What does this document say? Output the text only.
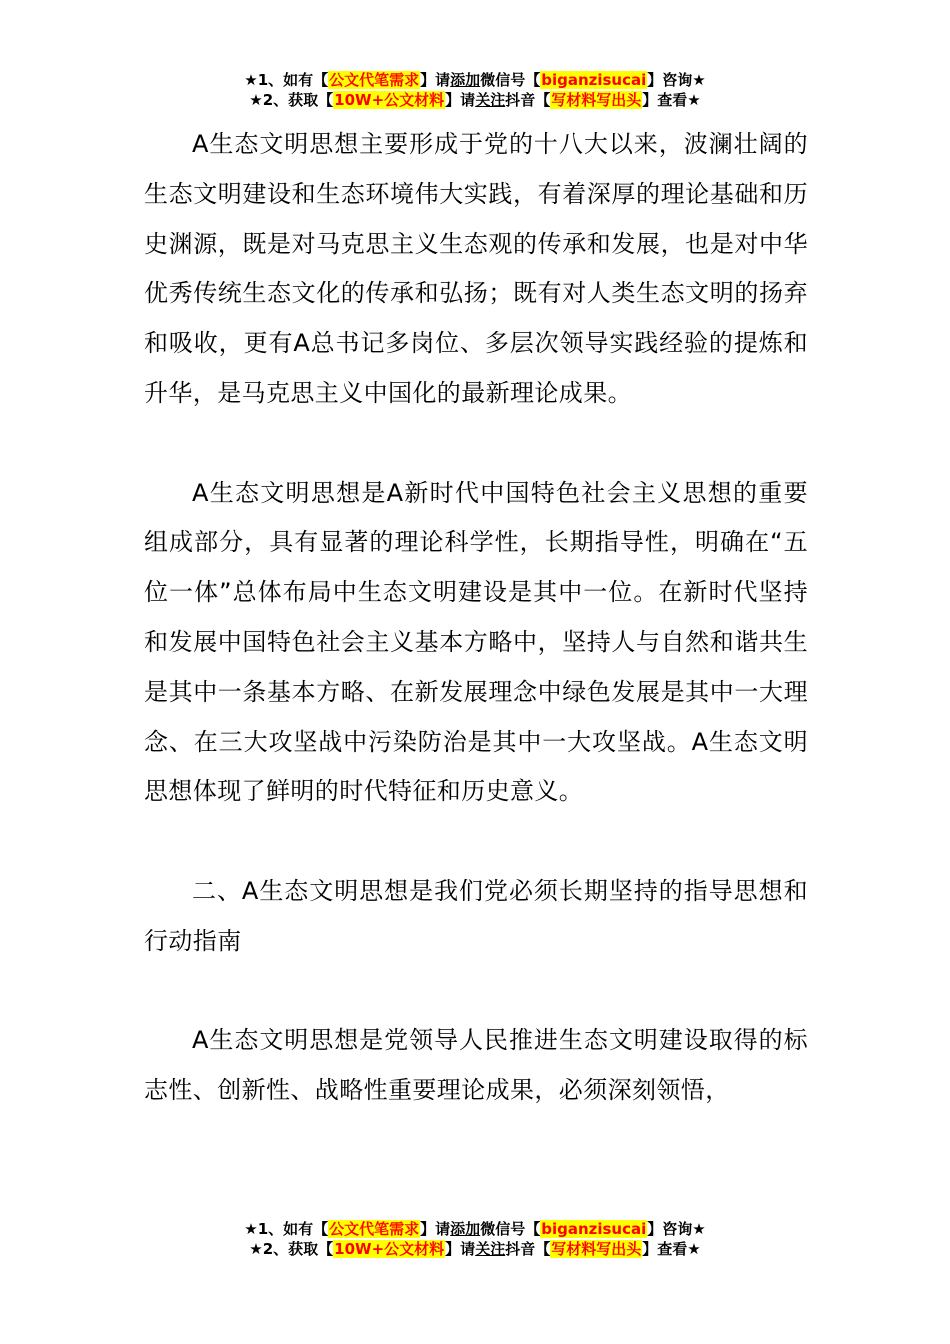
★1、如有【公文代笔需求】请添加微信号【biganzisucai】咨询★
★2、获取【10W+公文材料】请关注抖音【写材料写出头】查看★

A生态文明思想主要形成于党的十八大以来，波澜壮阔的生态文明建设和生态环境伟大实践，有着深厚的理论基础和历史渊源，既是对马克思主义生态观的传承和发展，也是对中华优秀传统生态文化的传承和弘扬；既有对人类生态文明的扬弃和吸收，更有A总书记多岗位、多层次领导实践经验的提炼和升华，是马克思主义中国化的最新理论成果。

A生态文明思想是A新时代中国特色社会主义思想的重要组成部分，具有显著的理论科学性，长期指导性，明确在“五位一体”总体布局中生态文明建设是其中一位。在新时代坚持和发展中国特色社会主义基本方略中，坚持人与自然和谐共生是其中一条基本方略、在新发展理念中绿色发展是其中一大理念、在三大攻坚战中污染防治是其中一大攻坚战。A生态文明思想体现了鲜明的时代特征和历史意义。

二、A生态文明思想是我们党必须长期坚持的指导思想和行动指南

A生态文明思想是党领导人民推进生态文明建设取得的标志性、创新性、战略性重要理论成果，必须深刻领悟，

★1、如有【公文代笔需求】请添加微信号【biganzisucai】咨询★
★2、获取【10W+公文材料】请关注抖音【写材料写出头】查看★
